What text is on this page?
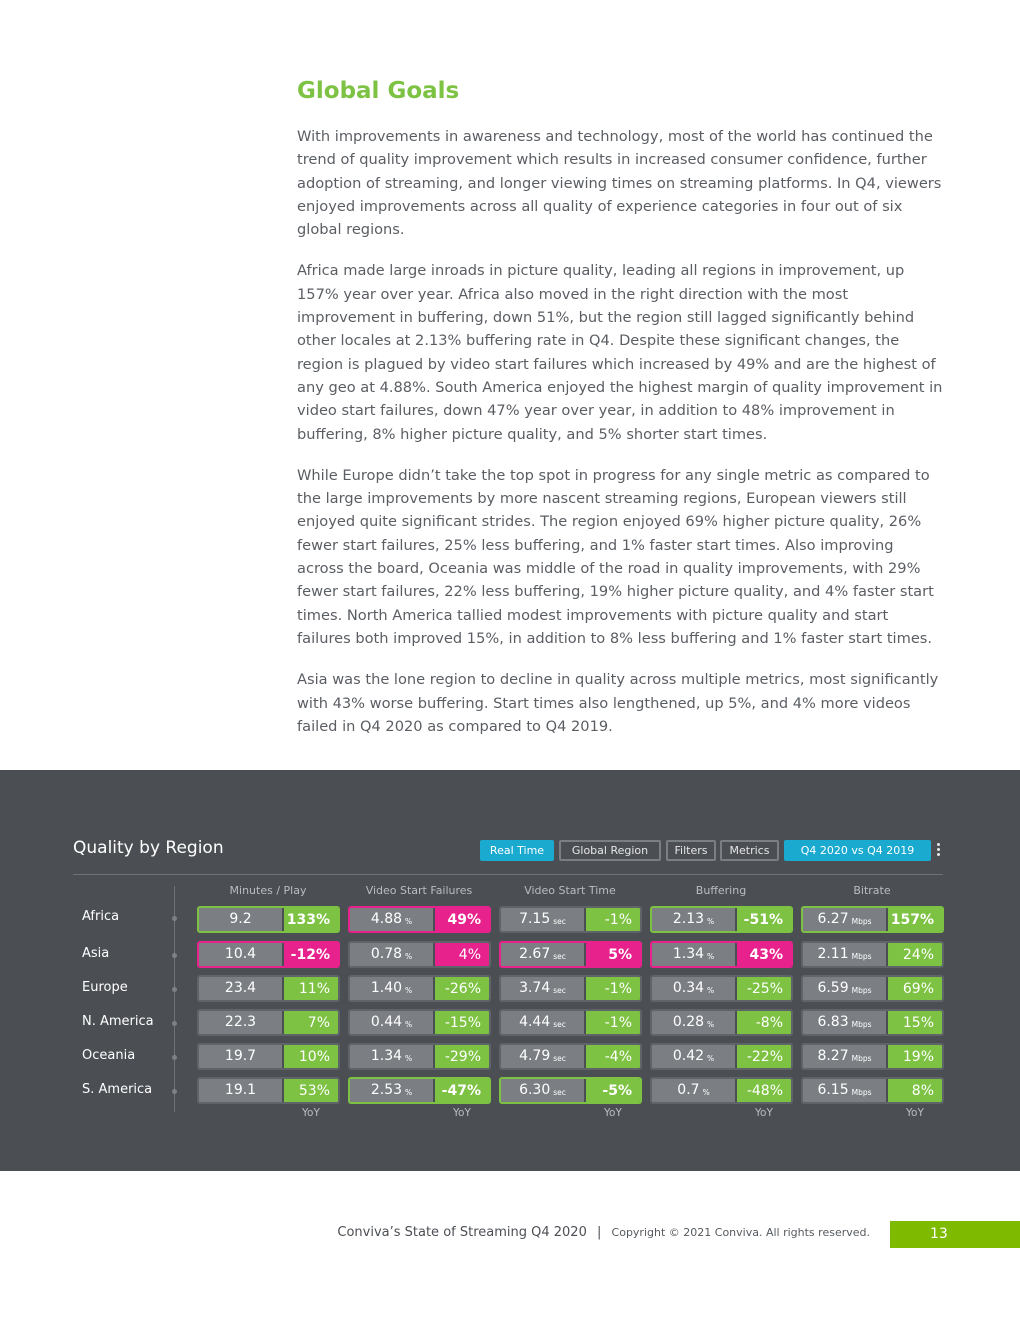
Global Goals

With improvements in awareness and technology, most of the world has continued the trend of quality improvement which results in increased consumer confidence, further adoption of streaming, and longer viewing times on streaming platforms. In Q4, viewers enjoyed improvements across all quality of experience categories in four out of six global regions.

Africa made large inroads in picture quality, leading all regions in improvement, up 157% year over year. Africa also moved in the right direction with the most improvement in buffering, down 51%, but the region still lagged significantly behind other locales at 2.13% buffering rate in Q4. Despite these significant changes, the region is plagued by video start failures which increased by 49% and are the highest of any geo at 4.88%. South America enjoyed the highest margin of quality improvement in video start failures, down 47% year over year, in addition to 48% improvement in buffering, 8% higher picture quality, and 5% shorter start times.

While Europe didn’t take the top spot in progress for any single metric as compared to the large improvements by more nascent streaming regions, European viewers still enjoyed quite significant strides. The region enjoyed 69% higher picture quality, 26% fewer start failures, 25% less buffering, and 1% faster start times. Also improving across the board, Oceania was middle of the road in quality improvements, with 29% fewer start failures, 22% less buffering, 19% higher picture quality, and 4% faster start times. North America tallied modest improvements with picture quality and start failures both improved 15%, in addition to 8% less buffering and 1% faster start times.

Asia was the lone region to decline in quality across multiple metrics, most significantly with 43% worse buffering. Start times also lengthened, up 5%, and 4% more videos failed in Q4 2020 as compared to Q4 2019.

Quality by Region	Real Time	Global Region	Filters	Metrics	Q4 2020 vs Q4 2019
Minutes / Play	Video Start Failures	Video Start Time	Buffering	Bitrate
YoY	YoY	YoY	YoY	YoY
Africa	9.2	133%	4.88 %	49%	7.15 sec	-1%	2.13 %	-51%	6.27 Mbps	157%
Asia	10.4	-12%	0.78 %	4%	2.67 sec	5%	1.34 %	43%	2.11 Mbps	24%
Europe	23.4	11%	1.40 %	-26%	3.74 sec	-1%	0.34 %	-25%	6.59 Mbps	69%
N. America	22.3	7%	0.44 %	-15%	4.44 sec	-1%	0.28 %	-8%	6.83 Mbps	15%
Oceania	19.7	10%	1.34 %	-29%	4.79 sec	-4%	0.42 %	-22%	8.27 Mbps	19%
S. America	19.1	53%	2.53 %	-47%	6.30 sec	-5%	0.7 %	-48%	6.15 Mbps	8%
Conviva’s State of Streaming Q4 2020 | Copyright © 2021 Conviva. All rights reserved.	13
